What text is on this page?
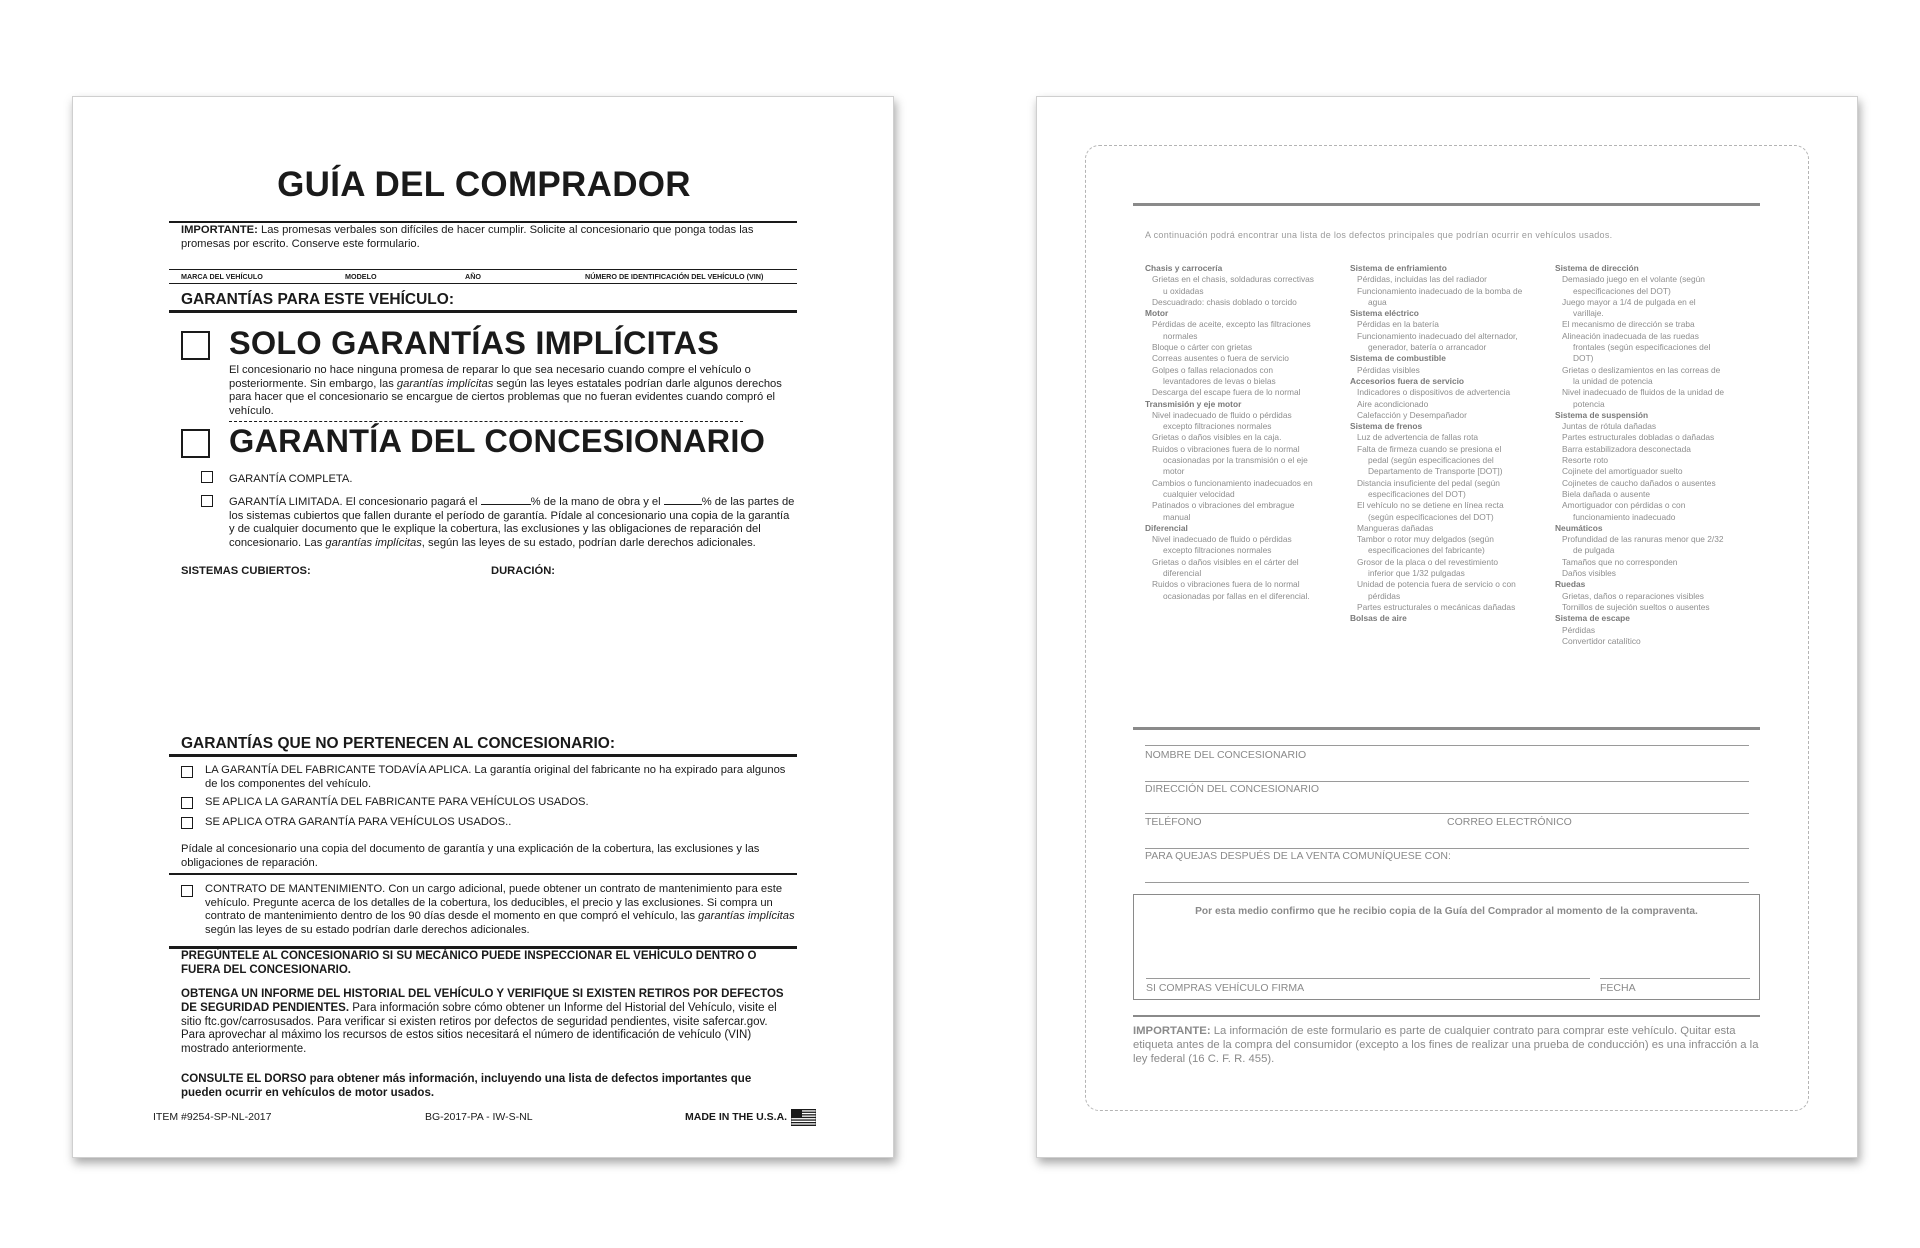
GUÍA DEL COMPRADOR
IMPORTANTE: Las promesas verbales son difíciles de hacer cumplir. Solicite al concesionario que ponga todas las promesas por escrito. Conserve este formulario.
MARCA DEL VEHÍCULO	MODELO	AÑO	NÚMERO DE IDENTIFICACIÓN DEL VEHÍCULO (VIN)
GARANTÍAS PARA ESTE VEHÍCULO:
SOLO GARANTÍAS IMPLÍCITAS
El concesionario no hace ninguna promesa de reparar lo que sea necesario cuando compre el vehículo o posteriormente. Sin embargo, las garantías implícitas según las leyes estatales podrían darle algunos derechos para hacer que el concesionario se encargue de ciertos problemas que no fueran evidentes cuando compró el vehículo.
GARANTÍA DEL CONCESIONARIO
GARANTÍA COMPLETA.
GARANTÍA LIMITADA. El concesionario pagará el	% de la mano de obra y el	% de las partes de los sistemas cubiertos que fallen durante el período de garantía. Pídale al concesionario una copia de la garantía y de cualquier documento que le explique la cobertura, las exclusiones y las obligaciones de reparación del concesionario. Las garantías implícitas, según las leyes de su estado, podrían darle derechos adicionales.
SISTEMAS CUBIERTOS:	DURACIÓN:
GARANTÍAS QUE NO PERTENECEN AL CONCESIONARIO:
LA GARANTÍA DEL FABRICANTE TODAVÍA APLICA. La garantía original del fabricante no ha expirado para algunos de los componentes del vehículo.
SE APLICA LA GARANTÍA DEL FABRICANTE PARA VEHÍCULOS USADOS.
SE APLICA OTRA GARANTÍA PARA VEHÍCULOS USADOS..
Pídale al concesionario una copia del documento de garantía y una explicación de la cobertura, las exclusiones y las obligaciones de reparación.
CONTRATO DE MANTENIMIENTO. Con un cargo adicional, puede obtener un contrato de mantenimiento para este vehículo. Pregunte acerca de los detalles de la cobertura, los deducibles, el precio y las exclusiones. Si compra un contrato de mantenimiento dentro de los 90 días desde el momento en que compró el vehículo, las garantías implícitas según las leyes de su estado podrían darle derechos adicionales.
PREGÚNTELE AL CONCESIONARIO SI SU MECÁNICO PUEDE INSPECCIONAR EL VEHÍCULO DENTRO O FUERA DEL CONCESIONARIO.
OBTENGA UN INFORME DEL HISTORIAL DEL VEHÍCULO Y VERIFIQUE SI EXISTEN RETIROS POR DEFECTOS DE SEGURIDAD PENDIENTES. Para información sobre cómo obtener un Informe del Historial del Vehículo, visite el sitio ftc.gov/carrosusados. Para verificar si existen retiros por defectos de seguridad pendientes, visite safercar.gov. Para aprovechar al máximo los recursos de estos sitios necesitará el número de identificación de vehículo (VIN) mostrado anteriormente.
CONSULTE EL DORSO para obtener más información, incluyendo una lista de defectos importantes que pueden ocurrir en vehículos de motor usados.
ITEM #9254-SP-NL-2017	BG-2017-PA - IW-S-NL	MADE IN THE U.S.A.
A continuación podrá encontrar una lista de los defectos principales que podrían ocurrir en vehículos usados.
Chasis y carrocería
Grietas en el chasis, soldaduras correctivas
u oxidadas
Descuadrado: chasis doblado o torcido
Motor
Pérdidas de aceite, excepto las filtraciones
normales
Bloque o cárter con grietas
Correas ausentes o fuera de servicio
Golpes o fallas relacionados con
levantadores de levas o bielas
Descarga del escape fuera de lo normal
Transmisión y eje motor
Nivel inadecuado de fluido o pérdidas
excepto filtraciones normales
Grietas o daños visibles en la caja.
Ruidos o vibraciones fuera de lo normal
ocasionadas por la transmisión o el eje
motor
Cambios o funcionamiento inadecuados en
cualquier velocidad
Patinados o vibraciones del embrague
manual
Diferencial
Nivel inadecuado de fluido o pérdidas
excepto filtraciones normales
Grietas o daños visibles en el cárter del
diferencial
Ruidos o vibraciones fuera de lo normal
ocasionadas por fallas en el diferencial.
Sistema de enfriamiento
Pérdidas, incluidas las del radiador
Funcionamiento inadecuado de la bomba de
agua
Sistema eléctrico
Pérdidas en la batería
Funcionamiento inadecuado del alternador,
generador, batería o arrancador
Sistema de combustible
Pérdidas visibles
Accesorios fuera de servicio
Indicadores o dispositivos de advertencia
Aire acondicionado
Calefacción y Desempañador
Sistema de frenos
Luz de advertencia de fallas rota
Falta de firmeza cuando se presiona el
pedal (según especificaciones del
Departamento de Transporte [DOT])
Distancia insuficiente del pedal (según
especificaciones del DOT)
El vehículo no se detiene en línea recta
(según especificaciones del DOT)
Mangueras dañadas
Tambor o rotor muy delgados (según
especificaciones del fabricante)
Grosor de la placa o del revestimiento
inferior que 1/32 pulgadas
Unidad de potencia fuera de servicio o con
pérdidas
Partes estructurales o mecánicas dañadas
Bolsas de aire
Sistema de dirección
Demasiado juego en el volante (según
especificaciones del DOT)
Juego mayor a 1/4 de pulgada en el
varillaje.
El mecanismo de dirección se traba
Alineación inadecuada de las ruedas
frontales (según especificaciones del
DOT)
Grietas o deslizamientos en las correas de
la unidad de potencia
Nivel inadecuado de fluidos de la unidad de
potencia
Sistema de suspensión
Juntas de rótula dañadas
Partes estructurales dobladas o dañadas
Barra estabilizadora desconectada
Resorte roto
Cojinete del amortiguador suelto
Cojinetes de caucho dañados o ausentes
Biela dañada o ausente
Amortiguador con pérdidas o con
funcionamiento inadecuado
Neumáticos
Profundidad de las ranuras menor que 2/32
de pulgada
Tamaños que no corresponden
Daños visibles
Ruedas
Grietas, daños o reparaciones visibles
Tornillos de sujeción sueltos o ausentes
Sistema de escape
Pérdidas
Convertidor catalítico
NOMBRE DEL CONCESIONARIO
DIRECCIÓN DEL CONCESIONARIO
TELÉFONO	CORREO ELECTRÓNICO
PARA QUEJAS DESPUÉS DE LA VENTA COMUNÍQUESE CON:
Por esta medio confirmo que he recibio copia de la Guía del Comprador al momento de la compraventa.
SI COMPRAS VEHÍCULO FIRMA	FECHA
IMPORTANTE: La información de este formulario es parte de cualquier contrato para comprar este vehículo. Quitar esta etiqueta antes de la compra del consumidor (excepto a los fines de realizar una prueba de conducción) es una infracción a la ley federal (16 C. F. R. 455).
